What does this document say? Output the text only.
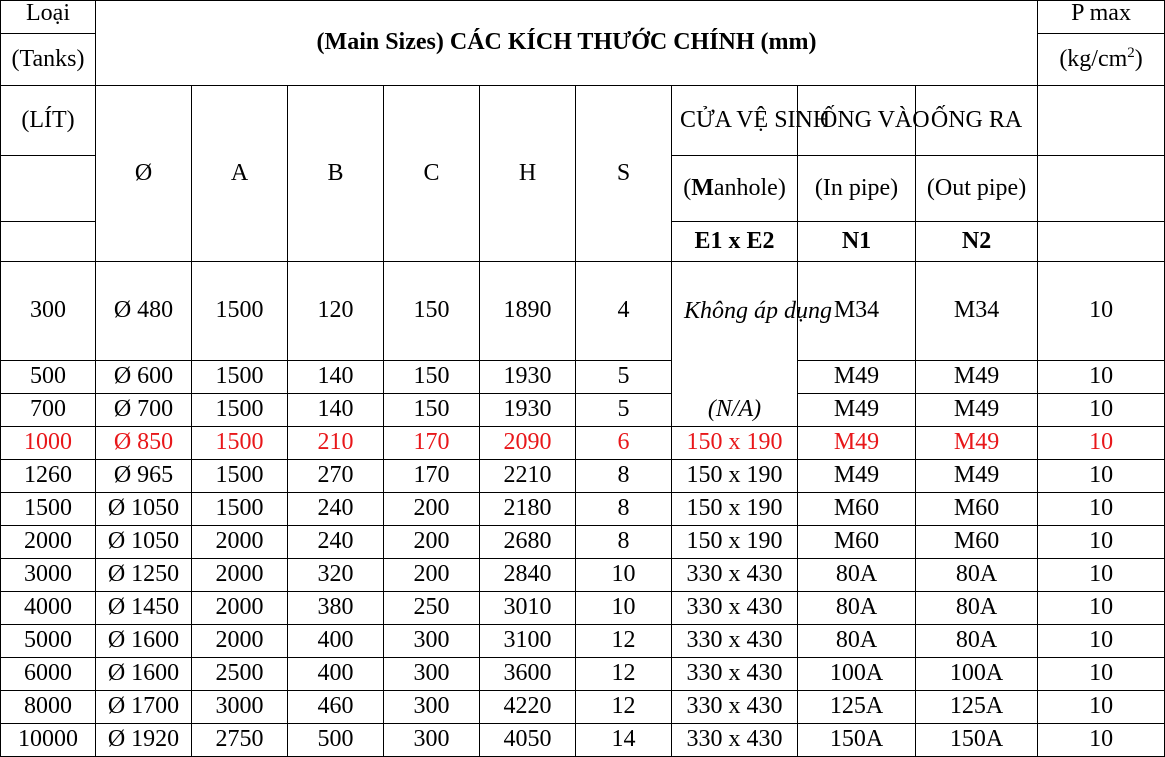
Loại	(Main Sizes) CÁC KÍCH THƯỚC CHÍNH (mm)									P max
(Tanks)										$(kg/cm^2)$
(LÍT)	Ø	A	B	C	H	S	CỬA VỆ SINH	ỐNG VÀO	ỐNG RA	
							(Manhole)	(In pipe)	(Out pipe)	
							E1 x E2	N1	N2	
300	Ø 480	1500	120	150	1890	4	Không áp dụng	M34	M34	10
500	Ø 600	1500	140	150	1930	5		M49	M49	10
700	Ø 700	1500	140	150	1930	5	(N/A)	M49	M49	10
1000	Ø 850	1500	210	170	2090	6	150 x 190	M49	M49	10
1260	Ø 965	1500	270	170	2210	8	150 x 190	M49	M49	10
1500	Ø 1050	1500	240	200	2180	8	150 x 190	M60	M60	10
2000	Ø 1050	2000	240	200	2680	8	150 x 190	M60	M60	10
3000	Ø 1250	2000	320	200	2840	10	330 x 430	80A	80A	10
4000	Ø 1450	2000	380	250	3010	10	330 x 430	80A	80A	10
5000	Ø 1600	2000	400	300	3100	12	330 x 430	80A	80A	10
6000	Ø 1600	2500	400	300	3600	12	330 x 430	100A	100A	10
8000	Ø 1700	3000	460	300	4220	12	330 x 430	125A	125A	10
10000	Ø 1920	2750	500	300	4050	14	330 x 430	150A	150A	10
